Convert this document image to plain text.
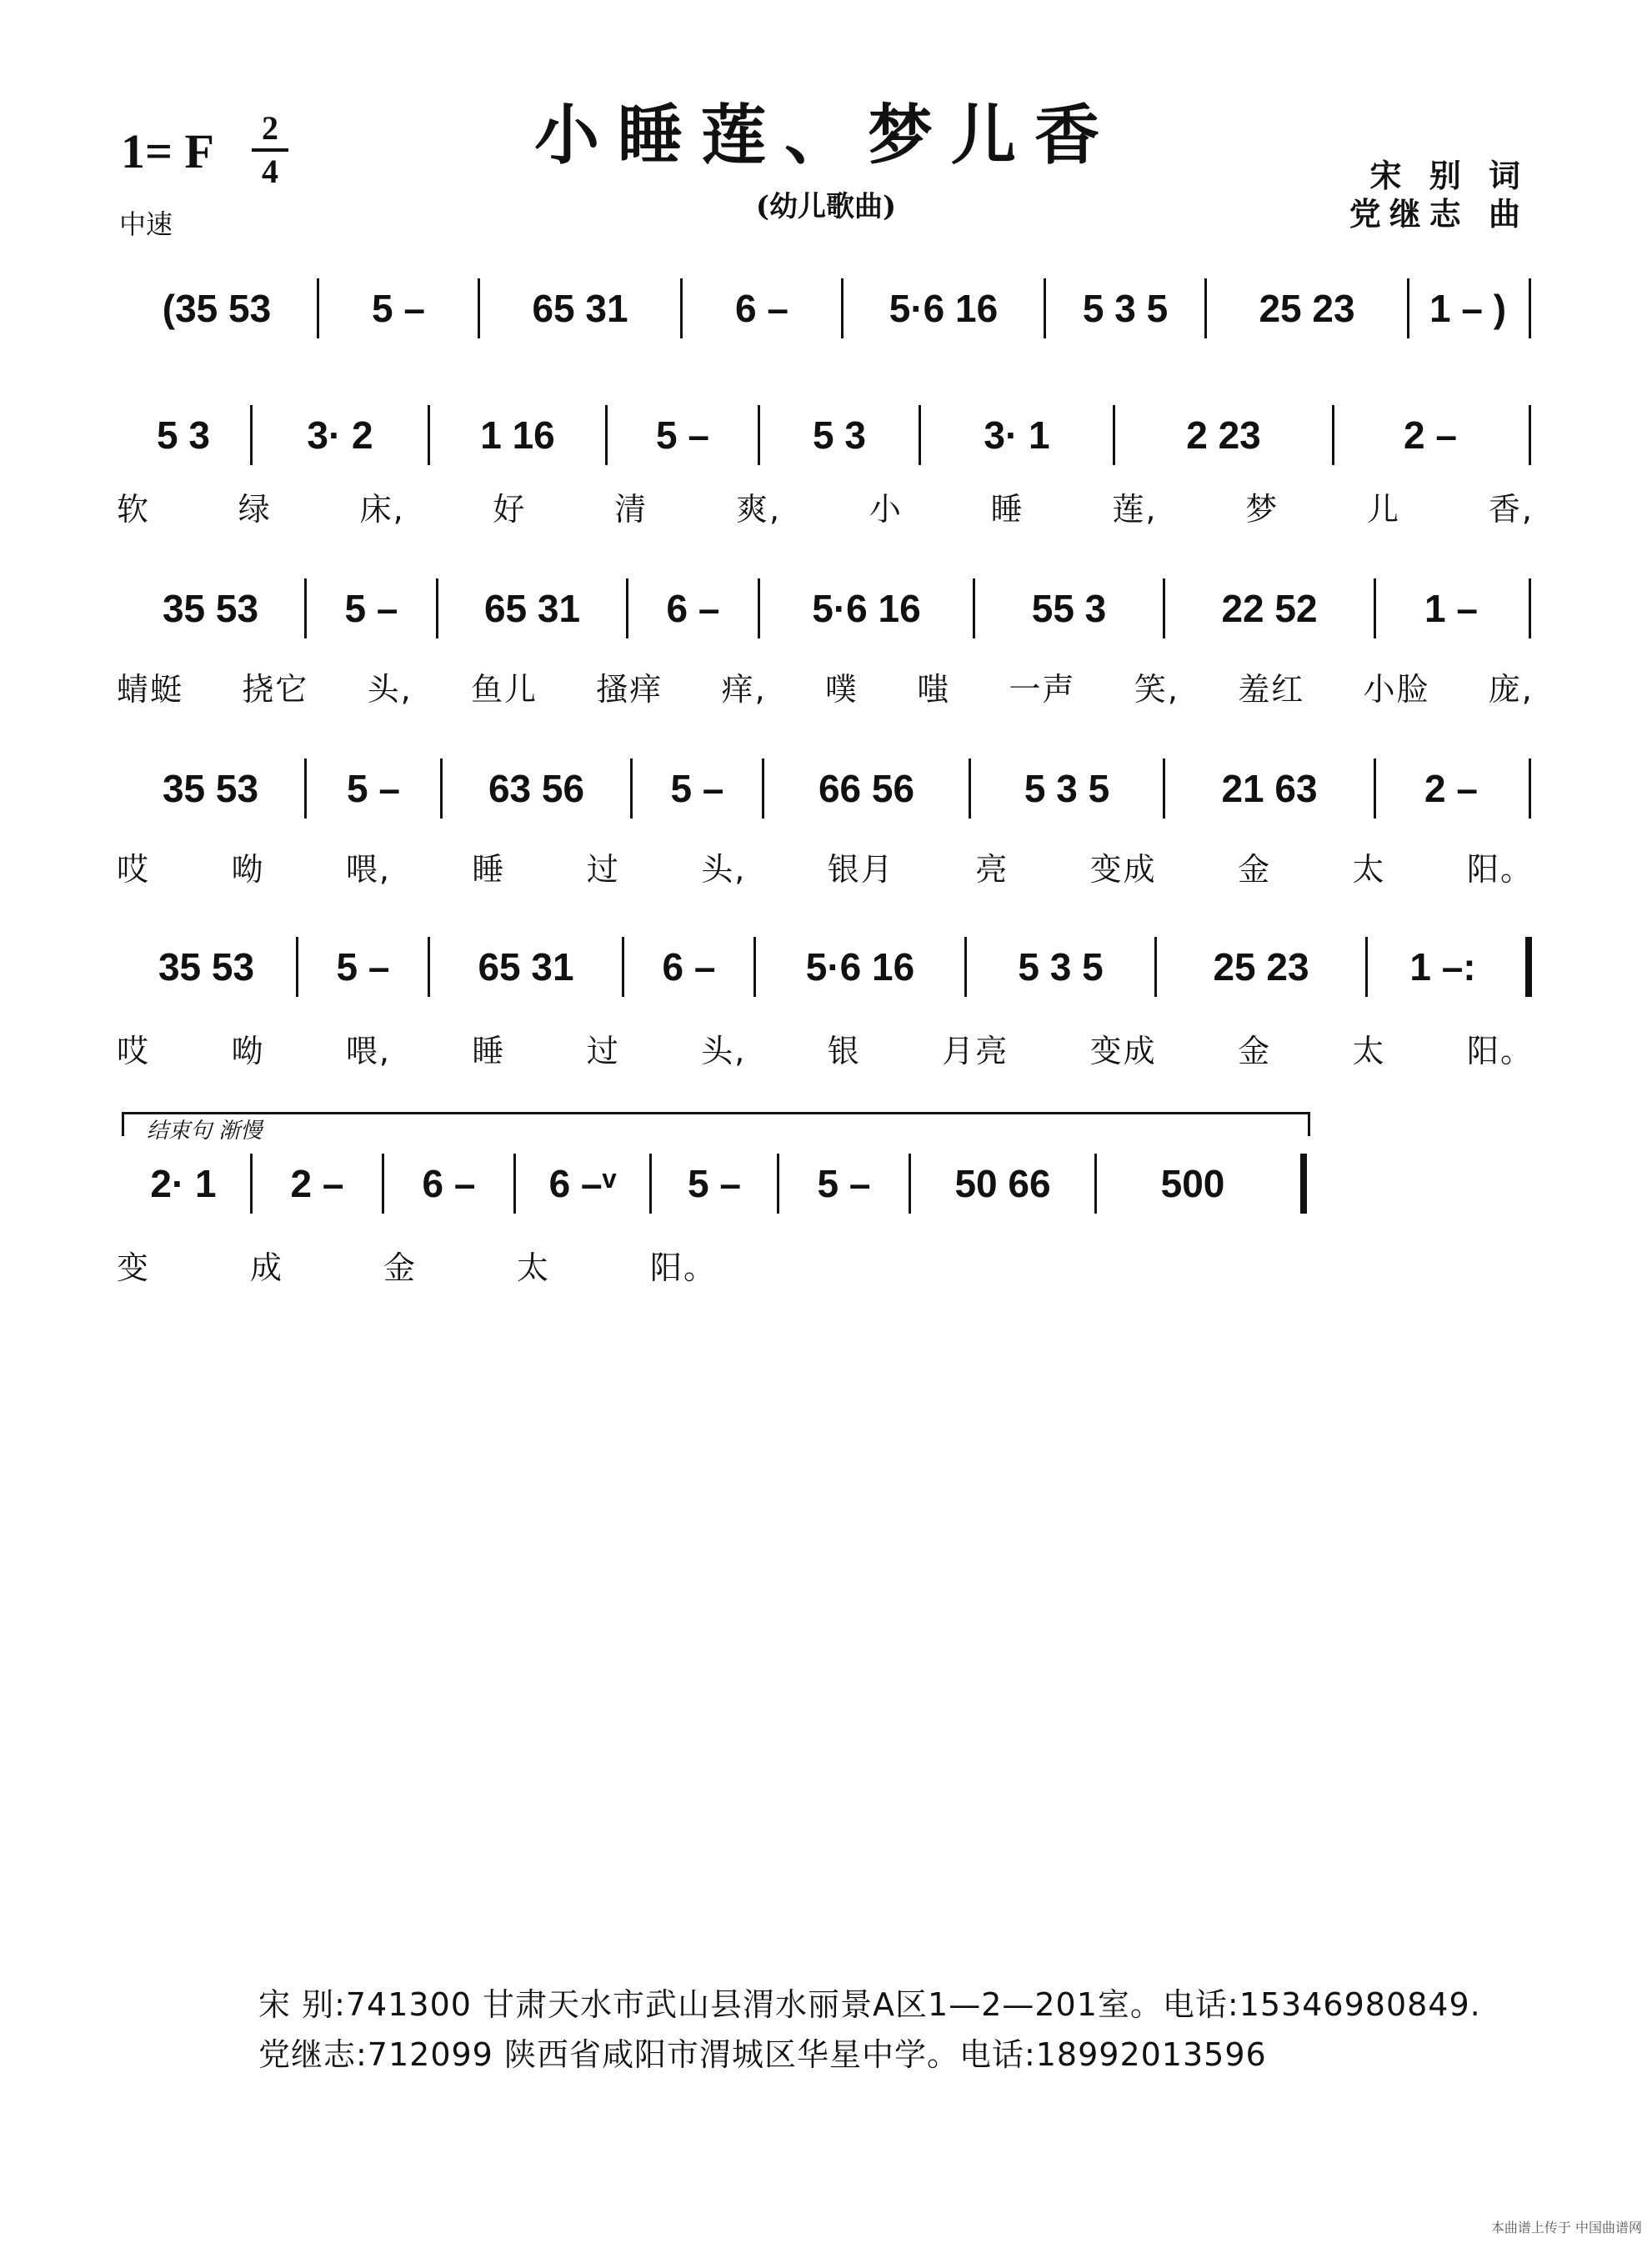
小睡莲、梦儿香
(幼儿歌曲)
1= F	2
4
中速
宋 别 词
党继志 曲
(35 53	5 –	65 31	6 –	5·6 16	5 3 5	25 23	1 – )
5 3	3· 2	1 16	5 –	5 3	3· 1	2 23	2 –
软	绿	床,	好	清	爽,	小	睡	莲,	梦	儿	香,
35 53	5 –	65 31	6 –	5·6 16	55 3	22 52	1 –
蜻蜓 挠它 头, 鱼儿 搔痒 痒, 噗 嗤 一声 笑, 羞红 小脸 庞,
35 53	5 –	63 56	5 –	66 56	5 3 5	21 63	2 –
哎	呦	喂,	睡	过	头,	银月	亮	变成	金	太	阳。
35 53	5 –	65 31	6 –	5·6 16	5 3 5	25 23	1 –:
哎	呦	喂,	睡	过	头,	银	月亮	变成	金	太	阳。
结束句 渐慢
2· 1	2 –	6 –	6 –ᵛ	5 –	5 –	50 66	500
变	成	金	太	阳。
宋 别:741300 甘肃天水市武山县渭水丽景A区1—2—201室。电话:15346980849.
党继志:712099 陕西省咸阳市渭城区华星中学。电话:18992013596
本曲谱上传于 中国曲谱网
